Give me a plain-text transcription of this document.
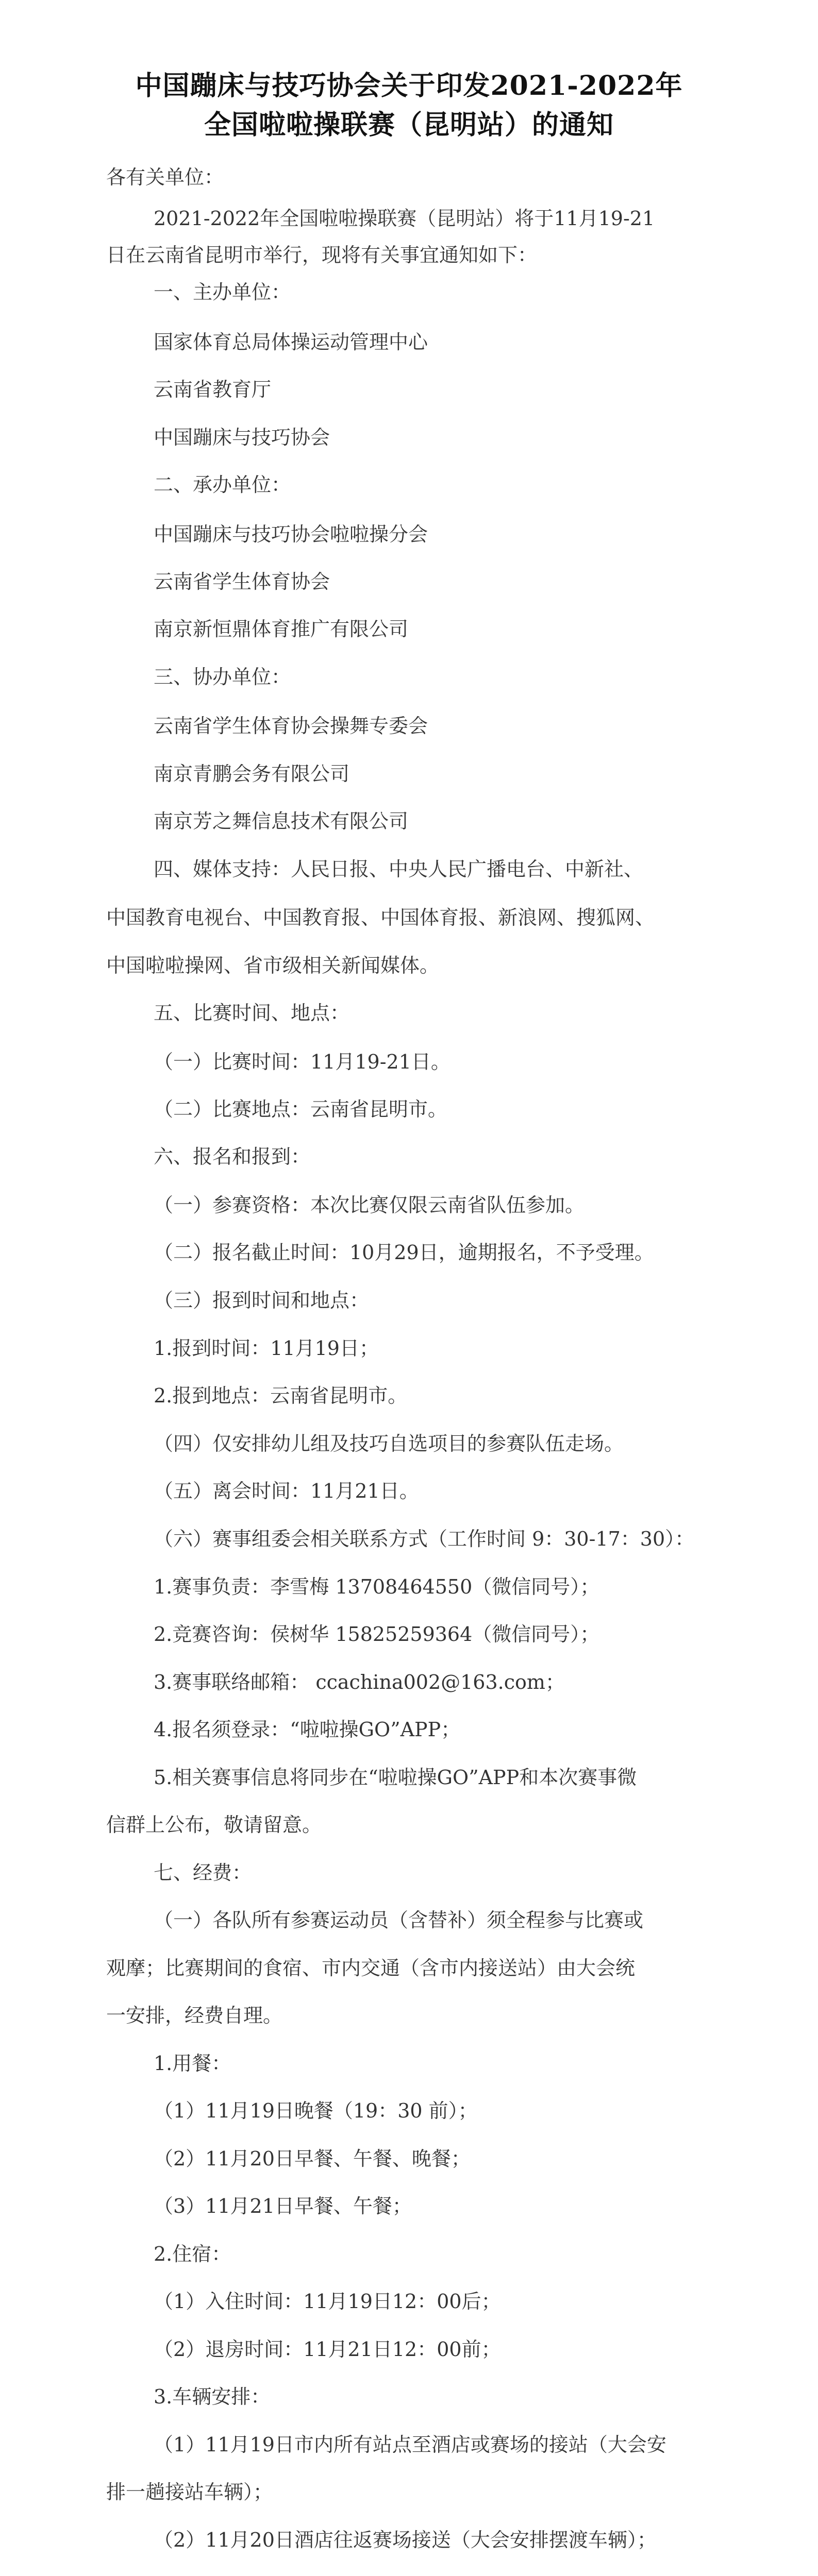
中国蹦床与技巧协会关于印发2021-2022年
全国啦啦操联赛（昆明站）的通知
各有关单位：
2021-2022年全国啦啦操联赛（昆明站）将于11月19-21
日在云南省昆明市举行，现将有关事宜通知如下：
一、主办单位：
国家体育总局体操运动管理中心
云南省教育厅
中国蹦床与技巧协会
二、承办单位：
中国蹦床与技巧协会啦啦操分会
云南省学生体育协会
南京新恒鼎体育推广有限公司
三、协办单位：
云南省学生体育协会操舞专委会
南京青鹏会务有限公司
南京芳之舞信息技术有限公司
四、媒体支持：人民日报、中央人民广播电台、中新社、
中国教育电视台、中国教育报、中国体育报、新浪网、搜狐网、
中国啦啦操网、省市级相关新闻媒体。
五、比赛时间、地点：
（一）比赛时间：11月19-21日。
（二）比赛地点：云南省昆明市。
六、报名和报到：
（一）参赛资格：本次比赛仅限云南省队伍参加。
（二）报名截止时间：10月29日，逾期报名，不予受理。
（三）报到时间和地点：
1.报到时间：11月19日；
2.报到地点：云南省昆明市。
（四）仅安排幼儿组及技巧自选项目的参赛队伍走场。
（五）离会时间：11月21日。
（六）赛事组委会相关联系方式（工作时间 9：30-17：30）：
1.赛事负责：李雪梅 13708464550（微信同号）；
2.竞赛咨询：侯树华 15825259364（微信同号）；
3.赛事联络邮箱： ccachina002@163.com；
4.报名须登录：“啦啦操GO”APP；
5.相关赛事信息将同步在“啦啦操GO”APP和本次赛事微
信群上公布，敬请留意。
七、经费：
（一）各队所有参赛运动员（含替补）须全程参与比赛或
观摩；比赛期间的食宿、市内交通（含市内接送站）由大会统
一安排，经费自理。
1.用餐：
（1）11月19日晚餐（19：30 前）；
（2）11月20日早餐、午餐、晚餐；
（3）11月21日早餐、午餐；
2.住宿：
（1）入住时间：11月19日12：00后；
（2）退房时间：11月21日12：00前；
3.车辆安排：
（1）11月19日市内所有站点至酒店或赛场的接站（大会安
排一趟接站车辆）；
（2）11月20日酒店往返赛场接送（大会安排摆渡车辆）；
